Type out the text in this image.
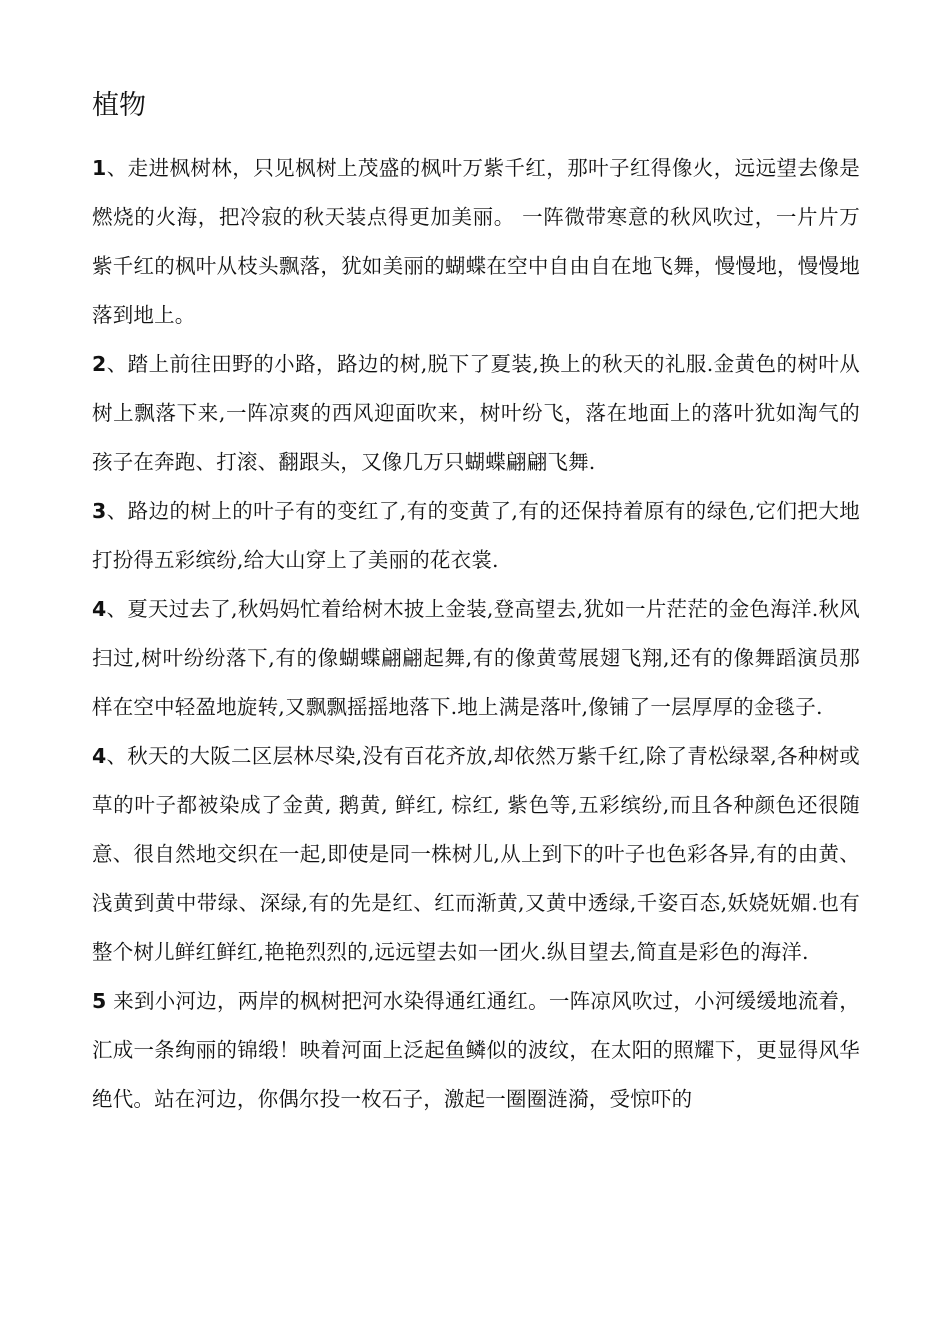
植物

1、走进枫树林，只见枫树上茂盛的枫叶万紫千红，那叶子红得像火，远远望去像是燃烧的火海，把冷寂的秋天装点得更加美丽。 一阵微带寒意的秋风吹过，一片片万紫千红的枫叶从枝头飘落，犹如美丽的蝴蝶在空中自由自在地飞舞，慢慢地，慢慢地落到地上。

2、踏上前往田野的小路，路边的树,脱下了夏装,换上的秋天的礼服.金黄色的树叶从树上飘落下来,一阵凉爽的西风迎面吹来，树叶纷飞，落在地面上的落叶犹如淘气的孩子在奔跑、打滚、翻跟头，又像几万只蝴蝶翩翩飞舞.

3、路边的树上的叶子有的变红了,有的变黄了,有的还保持着原有的绿色,它们把大地打扮得五彩缤纷,给大山穿上了美丽的花衣裳.

4、夏天过去了,秋妈妈忙着给树木披上金装,登高望去,犹如一片茫茫的金色海洋.秋风扫过,树叶纷纷落下,有的像蝴蝶翩翩起舞,有的像黄莺展翅飞翔,还有的像舞蹈演员那样在空中轻盈地旋转,又飘飘摇摇地落下.地上满是落叶,像铺了一层厚厚的金毯子.

4、秋天的大阪二区层林尽染,没有百花齐放,却依然万紫千红,除了青松绿翠,各种树或草的叶子都被染成了金黄, 鹅黄, 鲜红, 棕红, 紫色等,五彩缤纷,而且各种颜色还很随意、很自然地交织在一起,即使是同一株树儿,从上到下的叶子也色彩各异,有的由黄、浅黄到黄中带绿、深绿,有的先是红、红而渐黄,又黄中透绿,千姿百态,妖娆妩媚.也有整个树儿鲜红鲜红,艳艳烈烈的,远远望去如一团火.纵目望去,简直是彩色的海洋.

5 来到小河边，两岸的枫树把河水染得通红通红。一阵凉风吹过，小河缓缓地流着，汇成一条绚丽的锦缎！映着河面上泛起鱼鳞似的波纹，在太阳的照耀下，更显得风华绝代。站在河边，你偶尔投一枚石子，激起一圈圈涟漪，受惊吓的
